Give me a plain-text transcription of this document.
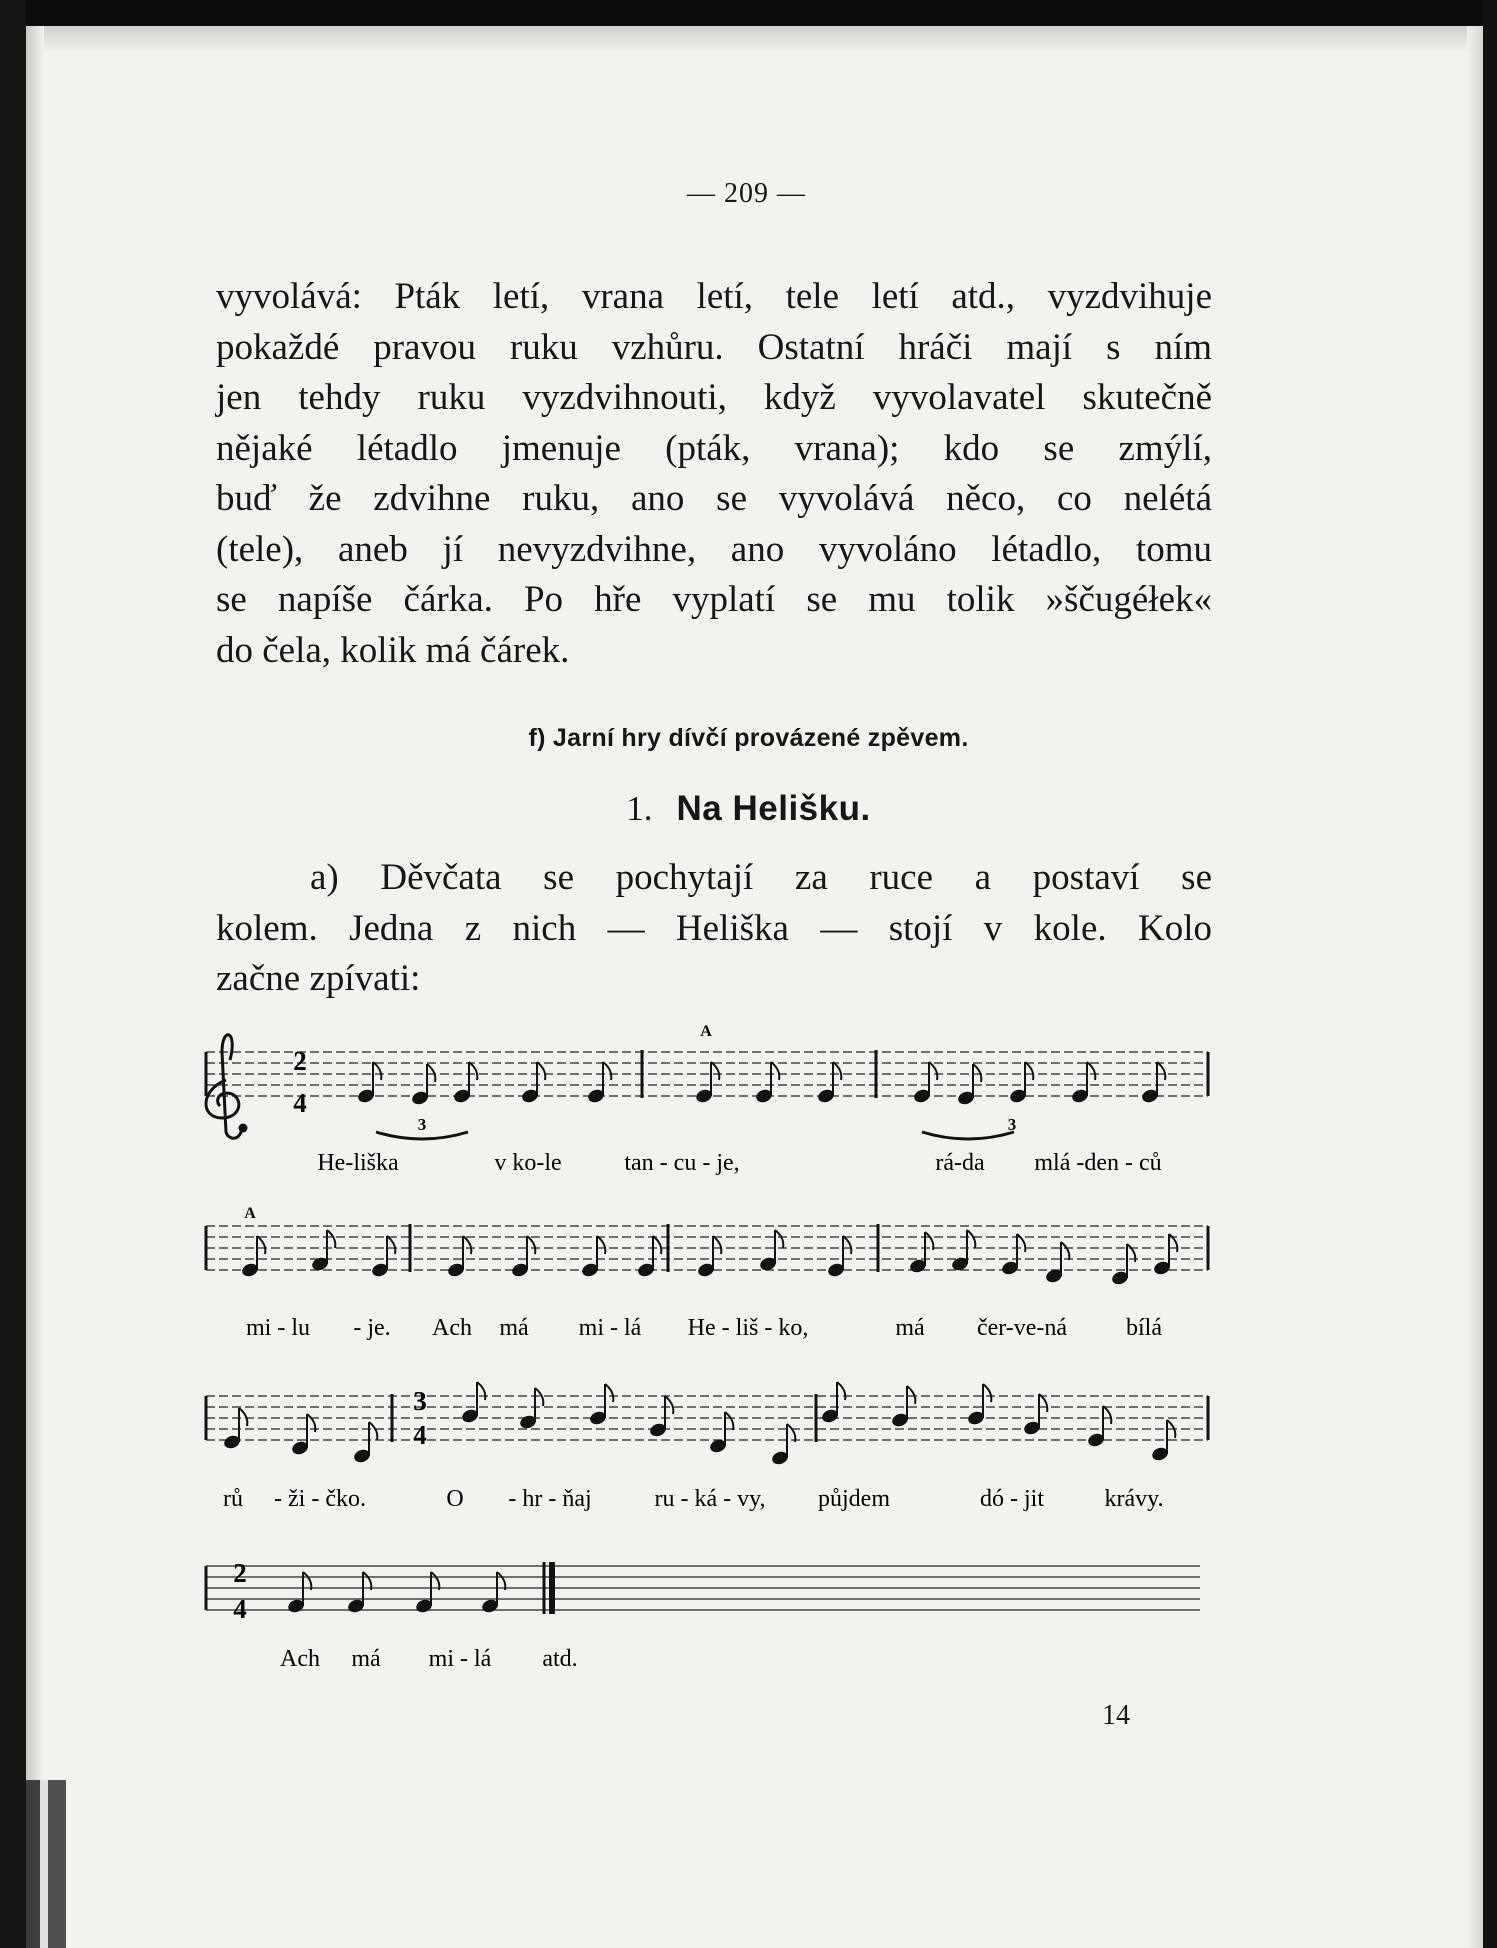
— 209 —

vyvolává: Pták letí, vrana letí, tele letí atd., vyzdvihuje
pokaždé pravou ruku vzhůru. Ostatní hráči mají s ním
jen tehdy ruku vyzdvihnouti, když vyvolavatel skutečně
nějaké létadlo jmenuje (pták, vrana); kdo se zmýlí,
buď že zdvihne ruku, ano se vyvolává něco, co nelétá
(tele), aneb jí nevyzdvihne, ano vyvoláno létadlo, tomu
se napíše čárka. Po hře vyplatí se mu tolik »ščugéłek«
do čela, kolik má čárek.

f) Jarní hry dívčí provázené zpěvem.
1. Na Helišku.

a) Děvčata se pochytají za ruce a postaví se
kolem. Jedna z nich — Heliška — stojí v kole. Kolo
začne zpívati:

2
4
3	3
A
A
3
4
2
4
He-liška	v ko-le	tan - cu - je,	rá-da mlá -den - ců
mi - lu - je. Ach má mi - lá He - liš - ko,	má čer-ve-ná bílá
rů - ži - čko.	O - hr - ňaj	ru - ká - vy, půjdem	dó - jit	krávy.
Ach má mi - lá atd.
14
